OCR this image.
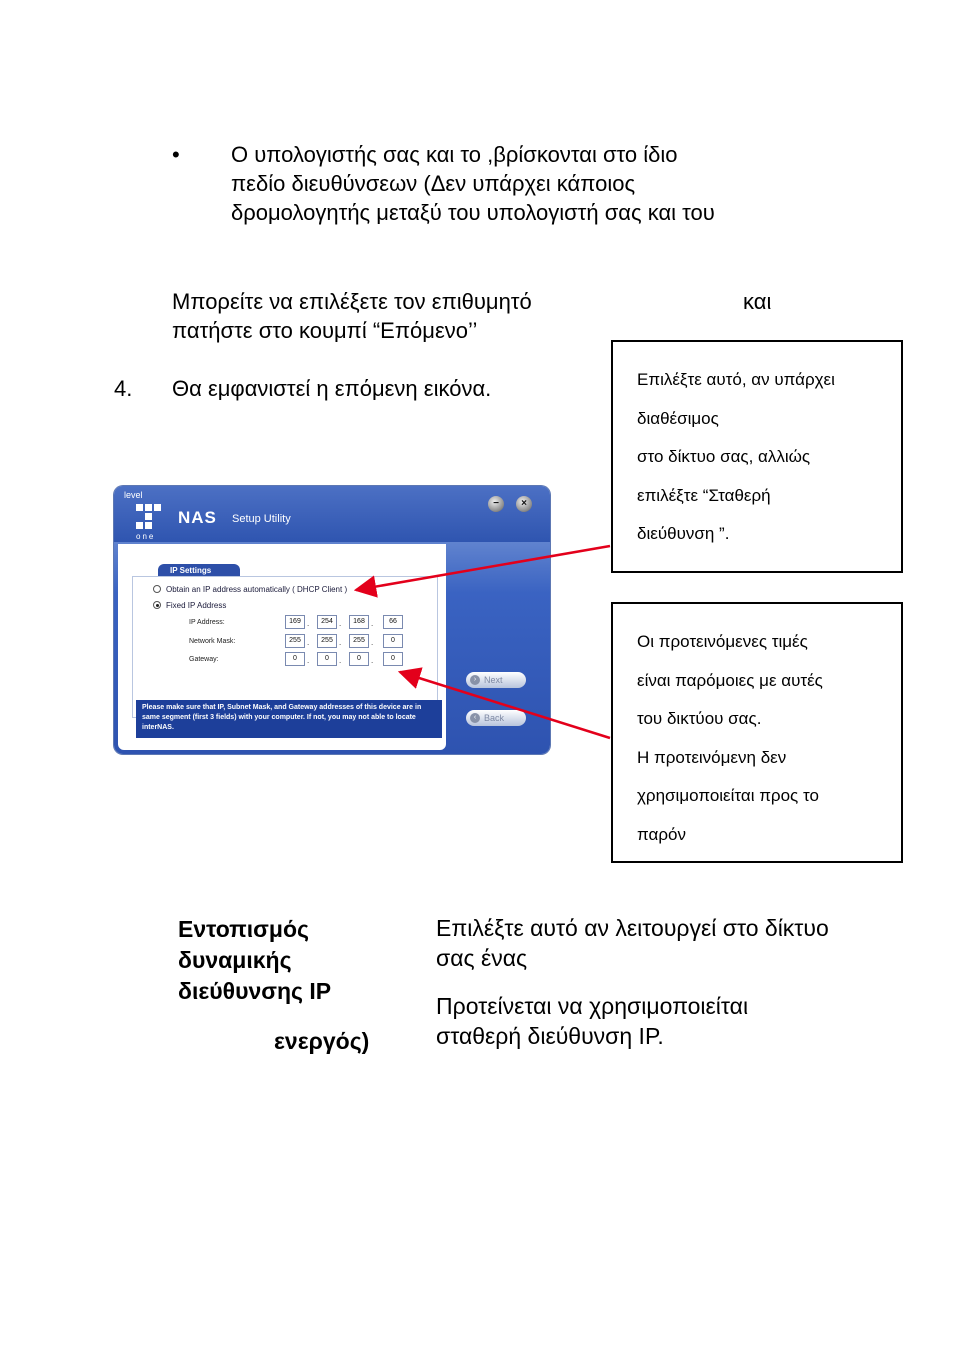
• Ο υπολογιστής σας και το ,βρίσκονται στο ίδιο
πεδίο διευθύνσεων (Δεν υπάρχει κάποιος
δρομολογητής μεταξύ του υπολογιστή σας και του
Μπορείτε να επιλέξετε τον επιθυμητό	και
πατήστε στο κουμπί “Επόμενο’’
4. Θα εμφανιστεί η επόμενη εικόνα.	Επιλέξτε αυτό, αν υπάρχει
διαθέσιμος
στο δίκτυο σας, αλλιώς
επιλέξτε “Σταθερή
διεύθυνση ”.
Οι προτεινόμενες τιμές
είναι παρόμοιες με αυτές
του δικτύου σας.
Η προτεινόμενη δεν
χρησιμοποιείται προς το
παρόν
level
one
NAS Setup Utility
−	×
IP Settings
Obtain an IP address automatically ( DHCP Client )
Fixed IP Address
IP Address:	169 .	254 .	168 .	66
Network Mask:	255 .	255 .	255 .	0
Gateway:	0	.	0	.	0	.	0
Please make sure that IP, Subnet Mask, and Gateway addresses of this device are in same segment (first 3 fields) with your computer. If not, you may not able to locate interNAS.
› Next
‹ Back
Εντοπισμός
δυναμικής
διεύθυνσης IP
ενεργός)
Επιλέξτε αυτό αν λειτουργεί στο δίκτυο
σας ένας
Προτείνεται να χρησιμοποιείται
σταθερή διεύθυνση IP.
